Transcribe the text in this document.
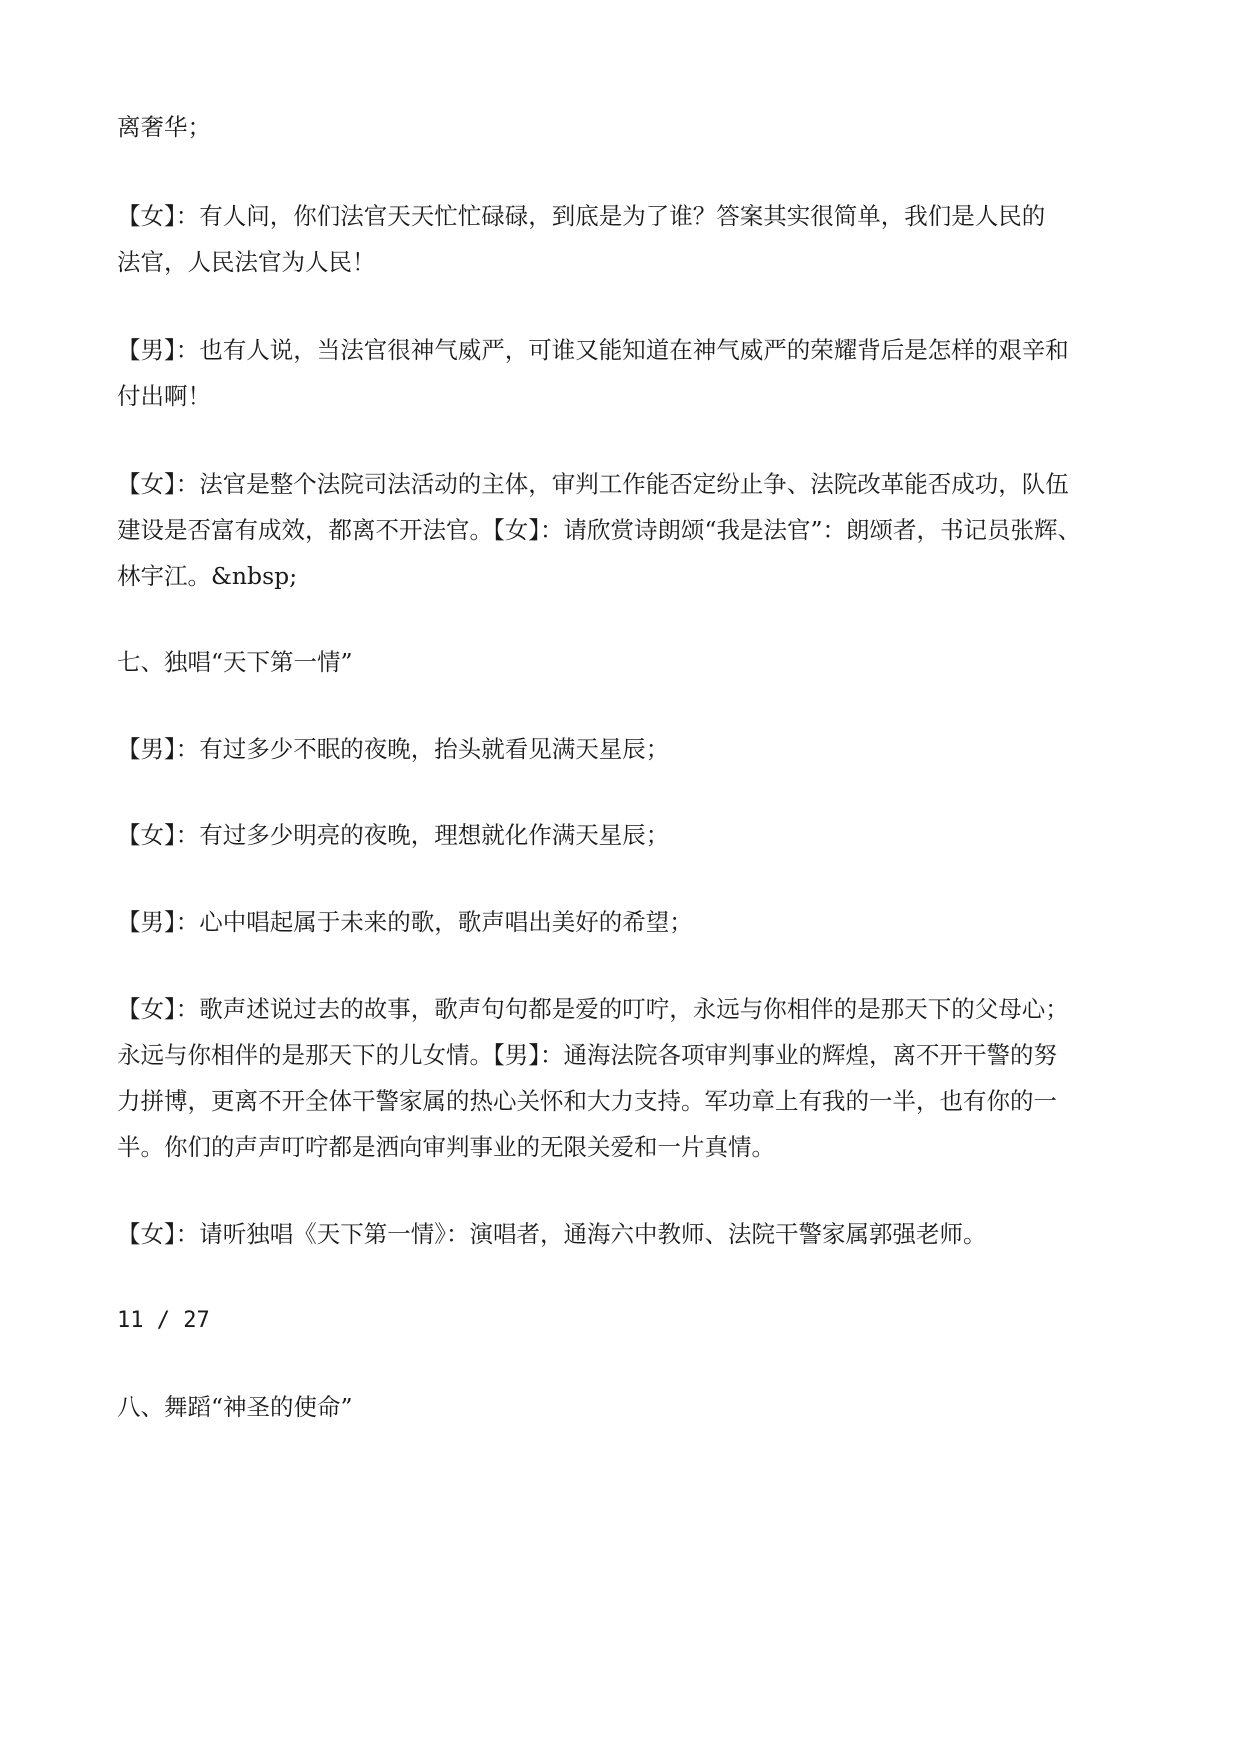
离奢华；
【女】：有人问，你们法官天天忙忙碌碌，到底是为了谁？答案其实很简单，我们是人民的
法官，人民法官为人民！
【男】：也有人说，当法官很神气威严，可谁又能知道在神气威严的荣耀背后是怎样的艰辛和
付出啊！
【女】：法官是整个法院司法活动的主体，审判工作能否定纷止争、法院改革能否成功，队伍
建设是否富有成效，都离不开法官。【女】：请欣赏诗朗颂“我是法官”：朗颂者，书记员张辉、
林宇江。&nbsp;
七、独唱“天下第一情”
【男】：有过多少不眠的夜晚，抬头就看见满天星辰；
【女】：有过多少明亮的夜晚，理想就化作满天星辰；
【男】：心中唱起属于未来的歌，歌声唱出美好的希望；
【女】：歌声述说过去的故事，歌声句句都是爱的叮咛，永远与你相伴的是那天下的父母心；
永远与你相伴的是那天下的儿女情。【男】：通海法院各项审判事业的辉煌，离不开干警的努
力拼博，更离不开全体干警家属的热心关怀和大力支持。军功章上有我的一半，也有你的一
半。你们的声声叮咛都是洒向审判事业的无限关爱和一片真情。
【女】：请听独唱《天下第一情》：演唱者，通海六中教师、法院干警家属郭强老师。
11 / 27
八、舞蹈“神圣的使命”
